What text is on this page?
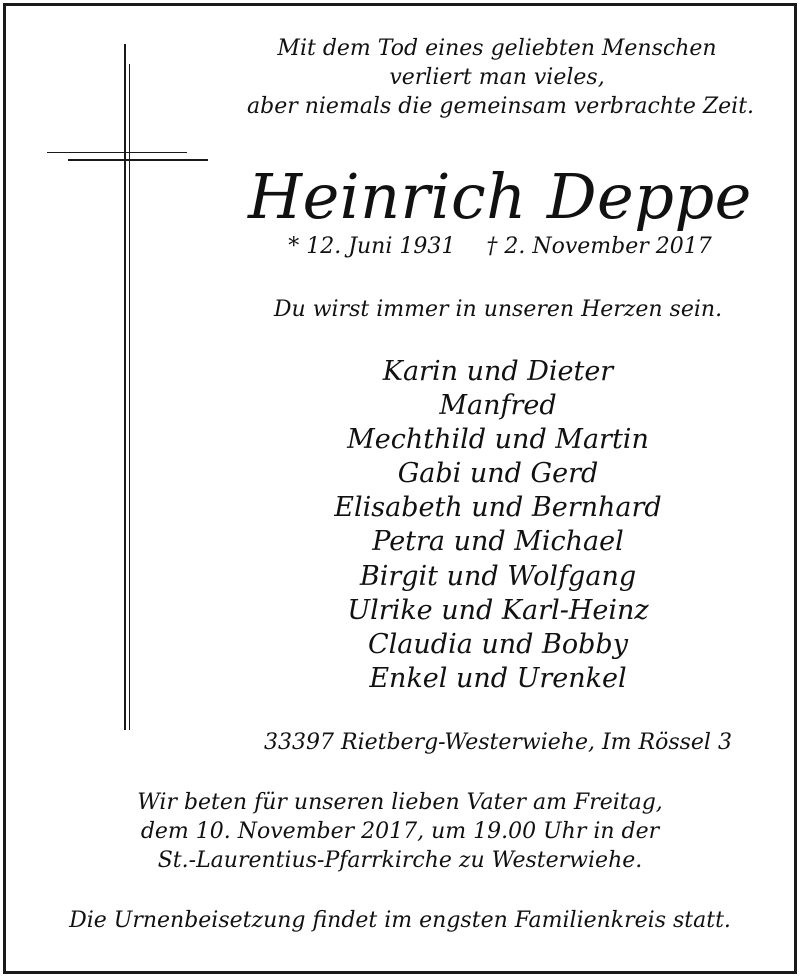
Mit dem Tod eines geliebten Menschen
verliert man vieles,
aber niemals die gemeinsam verbrachte Zeit.
Heinrich Deppe
* 12. Juni 1931 † 2. November 2017
Du wirst immer in unseren Herzen sein.
Karin und Dieter
Manfred
Mechthild und Martin
Gabi und Gerd
Elisabeth und Bernhard
Petra und Michael
Birgit und Wolfgang
Ulrike und Karl-Heinz
Claudia und Bobby
Enkel und Urenkel
33397 Rietberg-Westerwiehe, Im Rössel 3
Wir beten für unseren lieben Vater am Freitag,
dem 10. November 2017, um 19.00 Uhr in der
St.-Laurentius-Pfarrkirche zu Westerwiehe.
Die Urnenbeisetzung findet im engsten Familienkreis statt.
